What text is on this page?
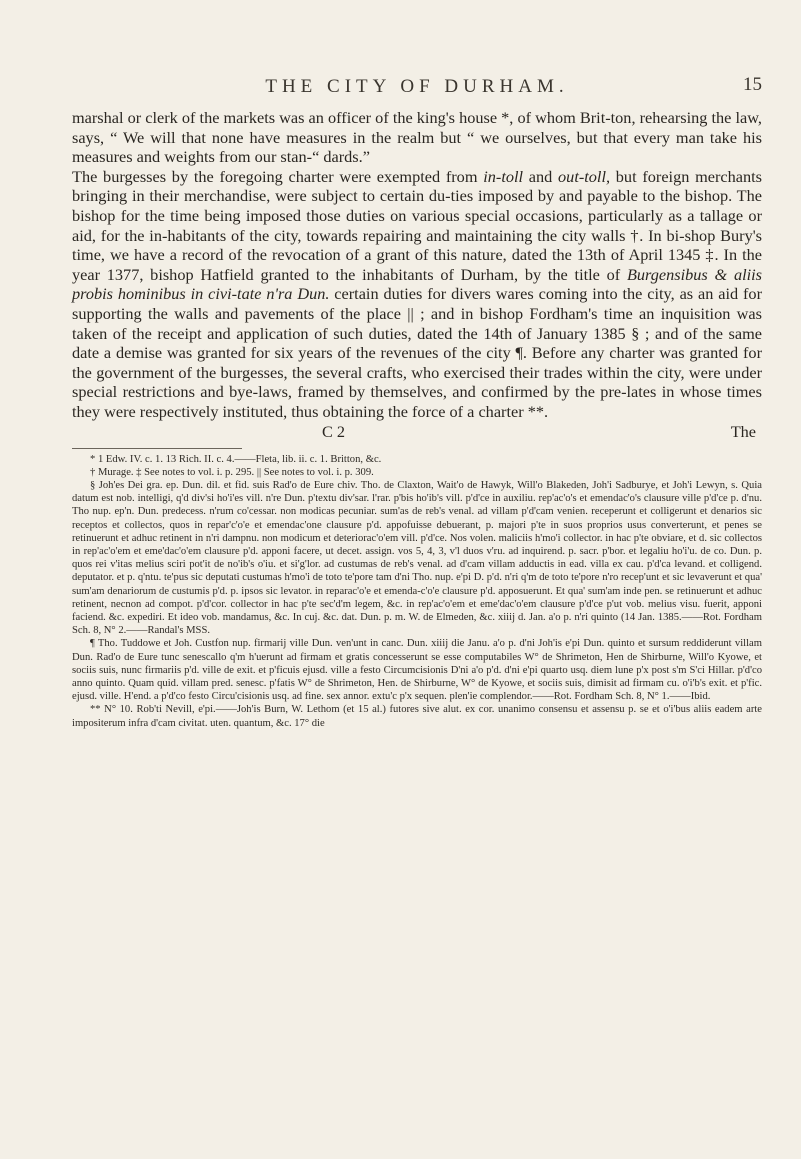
THE CITY OF DURHAM.	15

marshal or clerk of the markets was an officer of the king's house *, of whom Brit-ton, rehearsing the law, says, “ We will that none have measures in the realm but “ we ourselves, but that every man take his measures and weights from our stan-“ dards.”

The burgesses by the foregoing charter were exempted from in-toll and out-toll, but foreign merchants bringing in their merchandise, were subject to certain du-ties imposed by and payable to the bishop. The bishop for the time being imposed those duties on various special occasions, particularly as a tallage or aid, for the in-habitants of the city, towards repairing and maintaining the city walls †. In bi-shop Bury's time, we have a record of the revocation of a grant of this nature, dated the 13th of April 1345 ‡. In the year 1377, bishop Hatfield granted to the inhabitants of Durham, by the title of Burgensibus & aliis probis hominibus in civi-tate n'ra Dun. certain duties for divers wares coming into the city, as an aid for supporting the walls and pavements of the place || ; and in bishop Fordham's time an inquisition was taken of the receipt and application of such duties, dated the 14th of January 1385 § ; and of the same date a demise was granted for six years of the revenues of the city ¶. Before any charter was granted for the government of the burgesses, the several crafts, who exercised their trades within the city, were under special restrictions and bye-laws, framed by themselves, and confirmed by the pre-lates in whose times they were respectively instituted, thus obtaining the force of a charter **.

C 2	The

* 1 Edw. IV. c. 1. 13 Rich. II. c. 4.——Fleta, lib. ii. c. 1. Britton, &c.

† Murage. ‡ See notes to vol. i. p. 295. || See notes to vol. i. p. 309.

§ Joh'es Dei gra. ep. Dun. dil. et fid. suis Rad'o de Eure chiv. Tho. de Claxton, Wait'o de Hawyk, Will'o Blakeden, Joh'i Sadburye, et Joh'i Lewyn, s. Quia datum est nob. intelligi, q'd div'si ho'i'es vill. n're Dun. p'textu div'sar. l'rar. p'bis ho'ib's vill. p'd'ce in auxiliu. rep'ac'o's et emendac'o's clausure ville p'd'ce p. d'nu. Tho nup. ep'n. Dun. predecess. n'rum co'cessar. non modicas pecuniar. sum'as de reb's venal. ad villam p'd'cam venien. receperunt et colligerunt et denarios sic receptos et collectos, quos in repar'c'o'e et emendac'one clausure p'd. appofuisse debuerant, p. majori p'te in suos proprios usus converterunt, et penes se retinuerunt et adhuc retinent in n'ri dampnu. non modicum et deteriorac'o'em vill. p'd'ce. Nos volen. maliciis h'mo'i collector. in hac p'te obviare, et d. sic collectos in rep'ac'o'em et eme'dac'o'em clausure p'd. apponi facere, ut decet. assign. vos 5, 4, 3, v'l duos v'ru. ad inquirend. p. sacr. p'bor. et legaliu ho'i'u. de co. Dun. p. quos rei v'itas melius sciri pot'it de no'ib's o'iu. et si'g'lor. ad custumas de reb's venal. ad d'cam villam adductis in ead. villa ex cau. p'd'ca levand. et colligend. deputator. et p. q'ntu. te'pus sic deputati custumas h'mo'i de toto te'pore tam d'ni Tho. nup. e'pi D. p'd. n'ri q'm de toto te'pore n'ro recep'unt et sic levaverunt et qua' sum'am denariorum de custumis p'd. p. ipsos sic levator. in reparac'o'e et emenda-c'o'e clausure p'd. apposuerunt. Et qua' sum'am inde pen. se retinuerunt et adhuc retinent, necnon ad compot. p'd'cor. collector in hac p'te sec'd'm legem, &c. in rep'ac'o'em et eme'dac'o'em clausure p'd'ce p'ut vob. melius visu. fuerit, apponi faciend. &c. expediri. Et ideo vob. mandamus, &c. In cuj. &c. dat. Dun. p. m. W. de Elmeden, &c. xiiij d. Jan. a'o p. n'ri quinto (14 Jan. 1385.——Rot. Fordham Sch. 8, N° 2.——Randal's MSS.

¶ Tho. Tuddowe et Joh. Custfon nup. firmarij ville Dun. ven'unt in canc. Dun. xiiij die Janu. a'o p. d'ni Joh'is e'pi Dun. quinto et sursum reddiderunt villam Dun. Rad'o de Eure tunc senescallo q'm h'uerunt ad firmam et gratis concesserunt se esse computabiles W° de Shrimeton, Hen de Shirburne, Will'o Kyowe, et sociis suis, nunc firmariis p'd. ville de exit. et p'ficuis ejusd. ville a festo Circumcisionis D'ni a'o p'd. d'ni e'pi quarto usq. diem lune p'x post s'm S'ci Hillar. p'd'co anno quinto. Quam quid. villam pred. senesc. p'fatis W° de Shrimeton, Hen. de Shirburne, W° de Kyowe, et sociis suis, dimisit ad firmam cu. o'i'b's exit. et p'fic. ejusd. ville. H'end. a p'd'co festo Circu'cisionis usq. ad fine. sex annor. extu'c p'x sequen. plen'ie complendor.——Rot. Fordham Sch. 8, N° 1.——Ibid.

** N° 10. Rob'ti Nevill, e'pi.——Joh'is Burn, W. Lethom (et 15 al.) futores sive alut. ex cor. unanimo consensu et assensu p. se et o'i'bus aliis eadem arte impositerum infra d'cam civitat. uten. quantum, &c. 17° die
